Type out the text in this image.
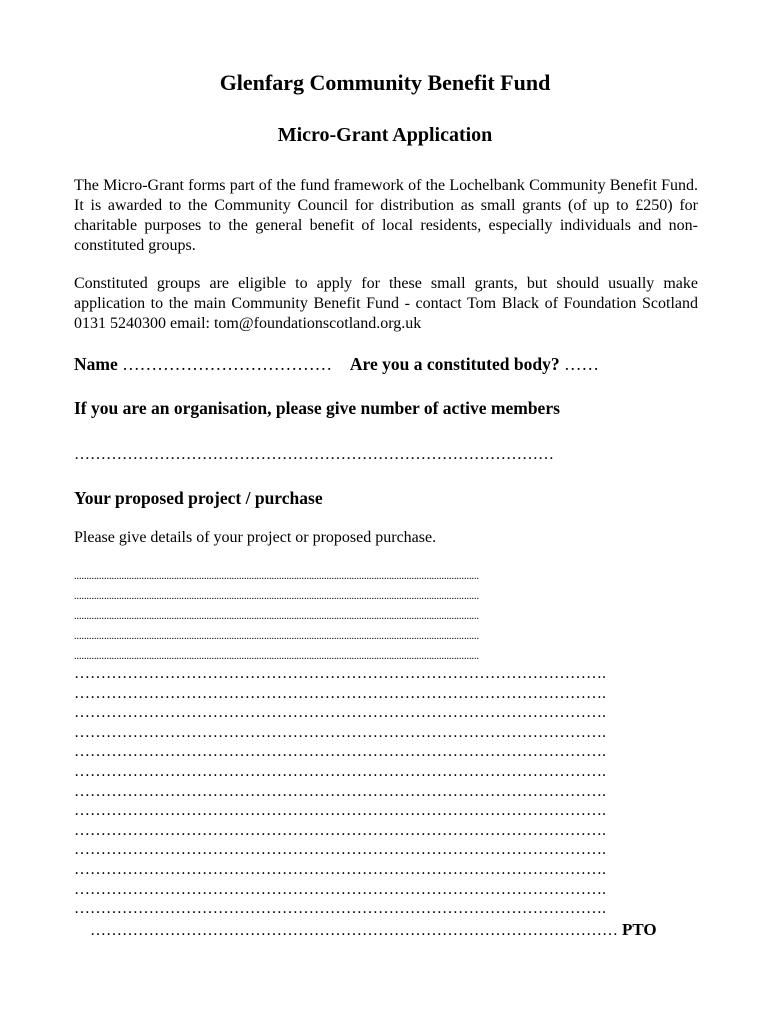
Glenfarg Community Benefit Fund
Micro-Grant Application

The Micro-Grant forms part of the fund framework of the Lochelbank Community Benefit Fund. It is awarded to the Community Council for distribution as small grants (of up to £250) for charitable purposes to the general benefit of local residents, especially individuals and non-constituted groups.

Constituted groups are eligible to apply for these small grants, but should usually make application to the main Community Benefit Fund - contact Tom Black of Foundation Scotland 0131 5240300 email: tom@foundationscotland.org.uk

Name ……………………………… Are you a constituted body? ……
If you are an organisation, please give number of active members
………………………………………………………………………………
Your proposed project / purchase
Please give details of your project or proposed purchase.
..................................................................................................................................................................
..................................................................................................................................................................
..................................................................................................................................................................
..................................................................................................................................................................
..................................................................................................................................................................
……………………………………………………………………………………….
……………………………………………………………………………………….
……………………………………………………………………………………….
……………………………………………………………………………………….
……………………………………………………………………………………….
……………………………………………………………………………………….
……………………………………………………………………………………….
……………………………………………………………………………………….
……………………………………………………………………………………….
……………………………………………………………………………………….
……………………………………………………………………………………….
……………………………………………………………………………………….
……………………………………………………………………………………….
……………………………………………………………………………………… PTO
